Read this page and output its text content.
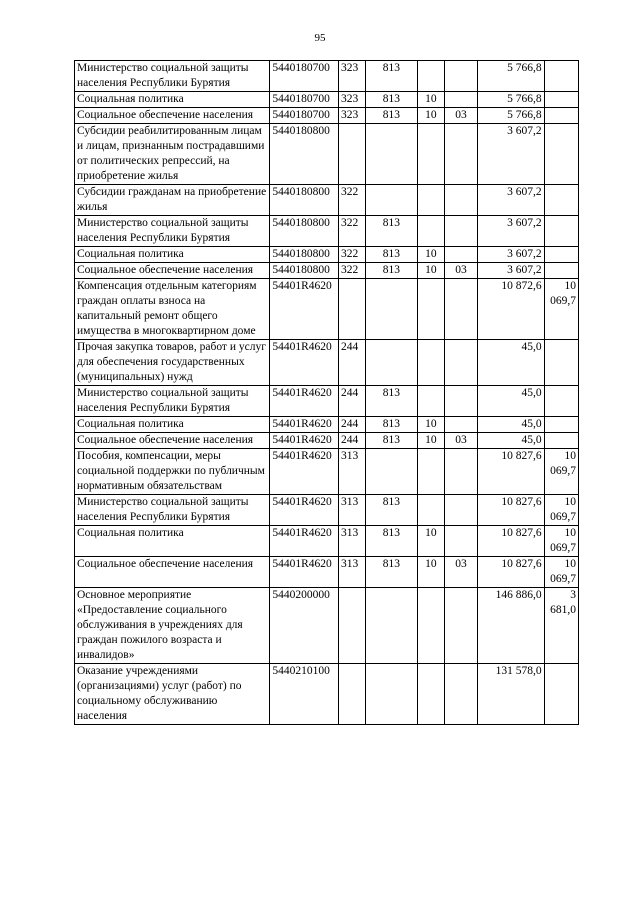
95
Министерство социальной защиты населения Республики Бурятия	5440180700	323	813			5 766,8	
Социальная политика	5440180700	323	813	10		5 766,8	
Социальное обеспечение населения	5440180700	323	813	10	03	5 766,8	
Субсидии реабилитированным лицам и лицам, признанным пострадавшими от политических репрессий, на приобретение жилья	5440180800					3 607,2	
Субсидии гражданам на приобретение жилья	5440180800	322				3 607,2	
Министерство социальной защиты населения Республики Бурятия	5440180800	322	813			3 607,2	
Социальная политика	5440180800	322	813	10		3 607,2	
Социальное обеспечение населения	5440180800	322	813	10	03	3 607,2	
Компенсация отдельным категориям граждан оплаты взноса на капитальный ремонт общего имущества в многоквартирном доме	54401R4620					10 872,6	10 069,7
Прочая закупка товаров, работ и услуг для обеспечения государственных (муниципальных) нужд	54401R4620	244				45,0	
Министерство социальной защиты населения Республики Бурятия	54401R4620	244	813			45,0	
Социальная политика	54401R4620	244	813	10		45,0	
Социальное обеспечение населения	54401R4620	244	813	10	03	45,0	
Пособия, компенсации, меры социальной поддержки по публичным нормативным обязательствам	54401R4620	313				10 827,6	10 069,7
Министерство социальной защиты населения Республики Бурятия	54401R4620	313	813			10 827,6	10 069,7
Социальная политика	54401R4620	313	813	10		10 827,6	10 069,7
Социальное обеспечение населения	54401R4620	313	813	10	03	10 827,6	10 069,7
Основное мероприятие «Предоставление социального обслуживания в учреждениях для граждан пожилого возраста и инвалидов»	5440200000					146 886,0	3 681,0
Оказание учреждениями (организациями) услуг (работ) по социальному обслуживанию населения	5440210100					131 578,0	
